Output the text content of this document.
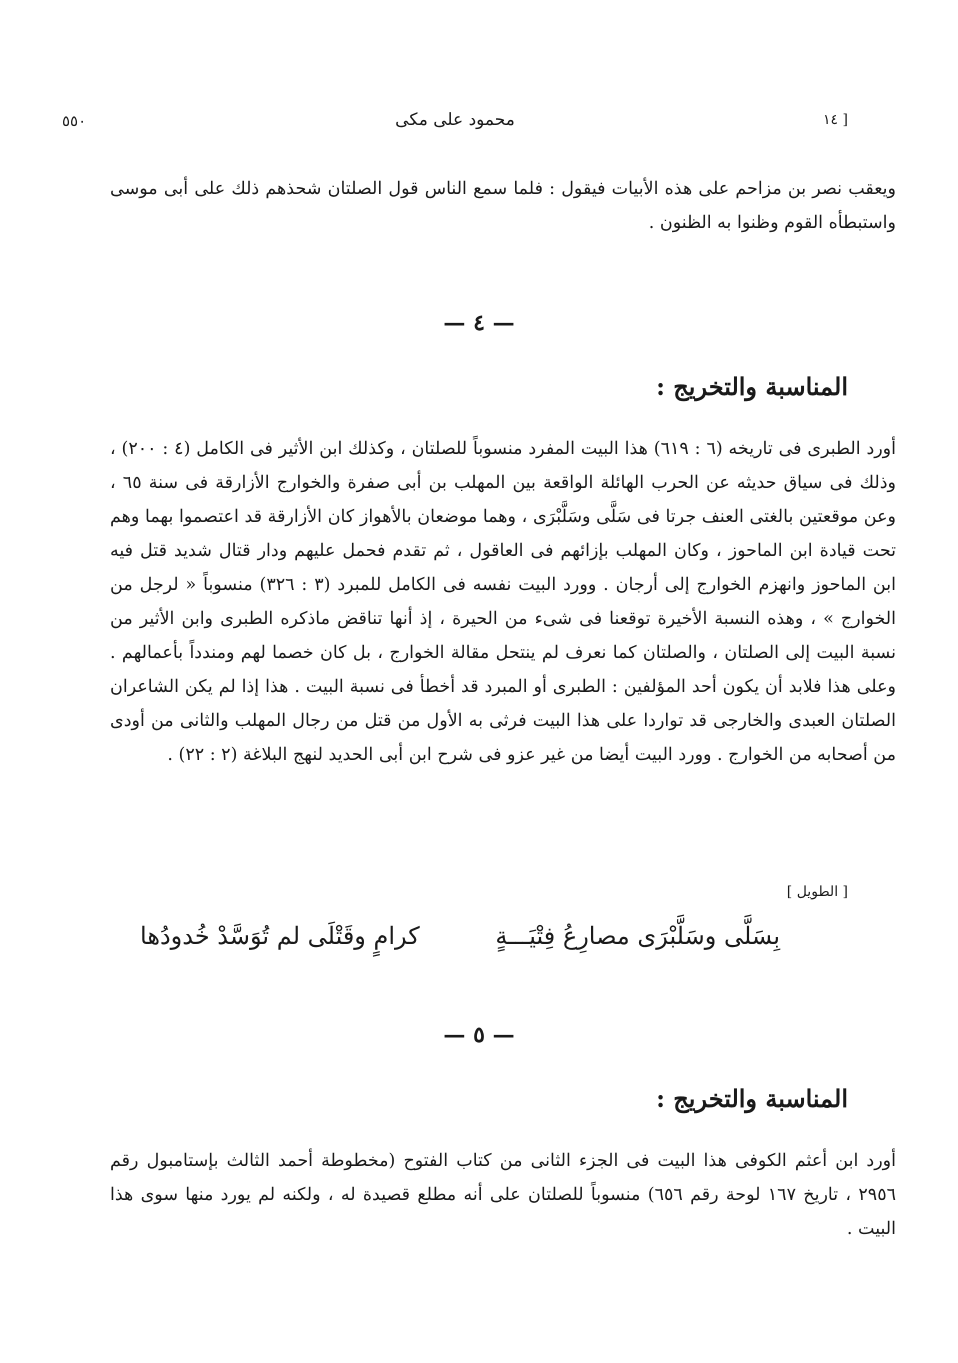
٥٥٠	محمود على مكى	[ ١٤
ويعقب نصر بن مزاحم على هذه الأبيات فيقول : فلما سمع الناس قول الصلتان شحذهم ذلك على أبى موسى واستبطأه القوم وظنوا به الظنون .
— ٤ —
المناسبة والتخريج :
أورد الطبرى فى تاريخه (٦ : ٦١٩) هذا البيت المفرد منسوباً للصلتان ، وكذلك ابن الأثير فى الكامل (٤ : ٢٠٠) ، وذلك فى سياق حديثه عن الحرب الهائلة الواقعة بين المهلب بن أبى صفرة والخوارج الأزارقة فى سنة ٦٥ ، وعن موقعتين بالغتى العنف جرتا فى سَلَّى وسَلَّبْرَى ، وهما موضعان بالأهواز كان الأزارقة قد اعتصموا بهما وهم تحت قيادة ابن الماحوز ، وكان المهلب بإزائهم فى العاقول ، ثم تقدم فحمل عليهم ودار قتال شديد قتل فيه ابن الماحوز وانهزم الخوارج إلى أرجان . وورد البيت نفسه فى الكامل للمبرد (٣ : ٣٢٦) منسوباً « لرجل من الخوارج » ، وهذه النسبة الأخيرة توقعنا فى شىء من الحيرة ، إذ أنها تناقض ماذكره الطبرى وابن الأثير من نسبة البيت إلى الصلتان ، والصلتان كما نعرف لم ينتحل مقالة الخوارج ، بل كان خصما لهم ومندداً بأعمالهم . وعلى هذا فلابد أن يكون أحد المؤلفين : الطبرى أو المبرد قد أخطأ فى نسبة البيت . هذا إذا لم يكن الشاعران الصلتان العبدى والخارجى قد تواردا على هذا البيت فرثى به الأول من قتل من رجال المهلب والثانى من أودى من أصحابه من الخوارج . وورد البيت أيضا من غير عزو فى شرح ابن أبى الحديد لنهج البلاغة (٢ : ٢٢) .
[ الطويل ]
بِسَلَّى وسَلَّبْرَى مصارِعُ فِتْيَـــةٍ
كرامٍ وقَتْلَى لم تُوَسَّدْ خُدودُها
— ٥ —
المناسبة والتخريج :
أورد ابن أعثم الكوفى هذا البيت فى الجزء الثانى من كتاب الفتوح (مخطوطة أحمد الثالث بإستامبول رقم ٢٩٥٦ ، تاريخ ١٦٧ لوحة رقم ٦٥٦) منسوباً للصلتان على أنه مطلع قصيدة له ، ولكنه لم يورد منها سوى هذا البيت .
